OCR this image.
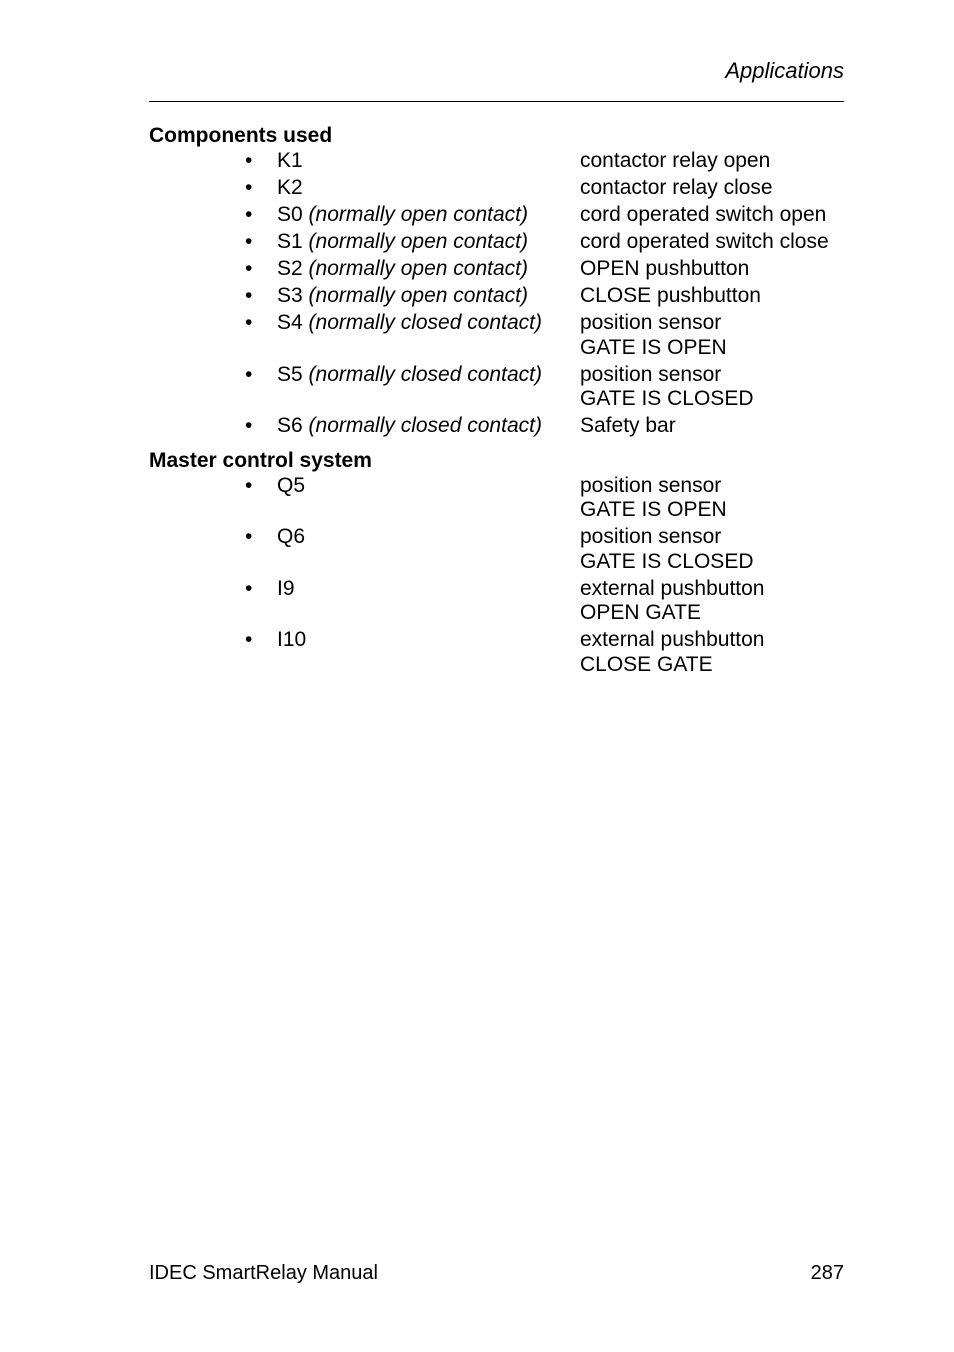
Applications
Components used
• K1	contactor relay open
• K2	contactor relay close
• S0 (normally open contact) cord operated switch open
• S1 (normally open contact) cord operated switch close
• S2 (normally open contact) OPEN pushbutton
• S3 (normally open contact) CLOSE pushbutton
• S4 (normally closed contact) position sensor
GATE IS OPEN
• S5 (normally closed contact) position sensor
GATE IS CLOSED
• S6 (normally closed contact) Safety bar
Master control system
• Q5	position sensor
GATE IS OPEN
• Q6	position sensor
GATE IS CLOSED
• I9	external pushbutton
OPEN GATE
• I10	external pushbutton
CLOSE GATE
IDEC SmartRelay Manual	287
